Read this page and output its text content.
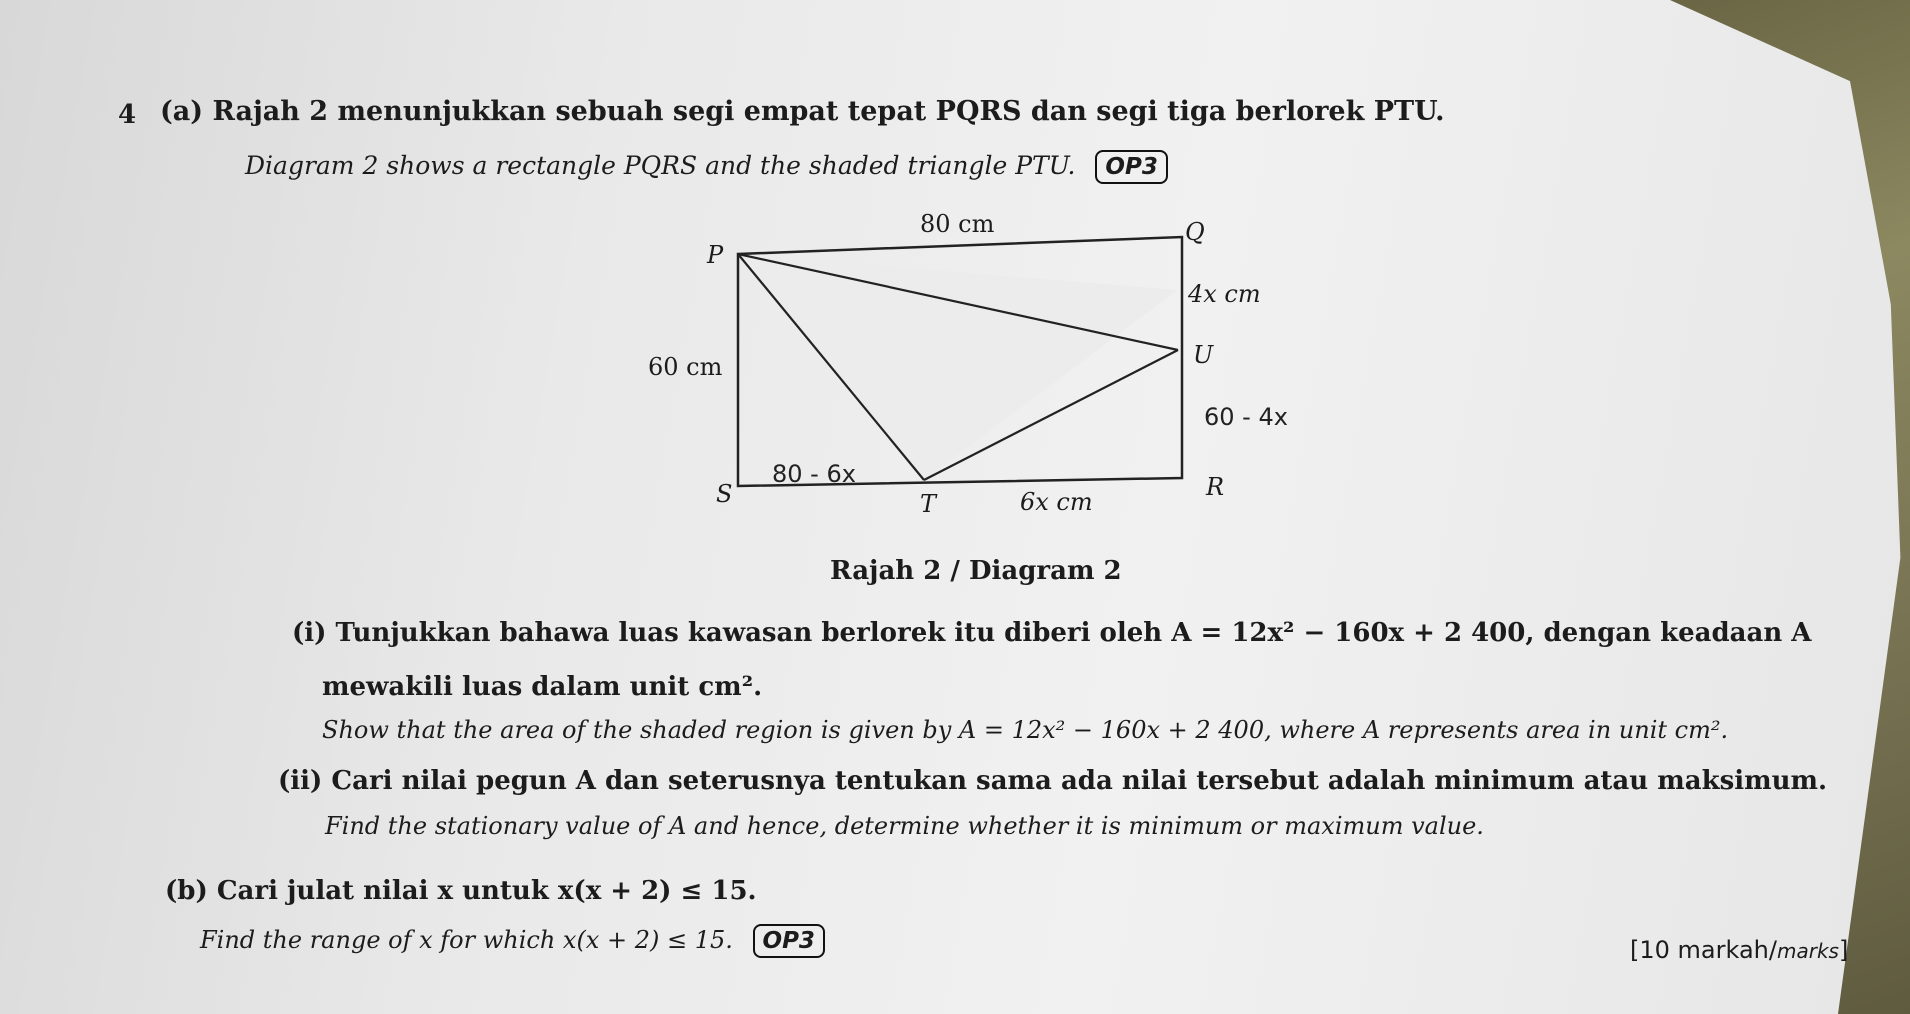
4 (a) Rajah 2 menunjukkan sebuah segi empat tepat PQRS dan segi tiga berlorek PTU.
Diagram 2 shows a rectangle PQRS and the shaded triangle PTU. OP3
80 cm
60 cm
4x cm
6x cm
P
Q
R
S	T
U
60 - 4x
80 - 6x
Rajah 2 / Diagram 2
(i) Tunjukkan bahawa luas kawasan berlorek itu diberi oleh A = 12x² − 160x + 2 400, dengan keadaan A
mewakili luas dalam unit cm².
Show that the area of the shaded region is given by A = 12x² − 160x + 2 400, where A represents area in unit cm².
(ii) Cari nilai pegun A dan seterusnya tentukan sama ada nilai tersebut adalah minimum atau maksimum.
Find the stationary value of A and hence, determine whether it is minimum or maximum value.
(b) Cari julat nilai x untuk x(x + 2) ≤ 15.
Find the range of x for which x(x + 2) ≤ 15. OP3	[10 markah/marks]
